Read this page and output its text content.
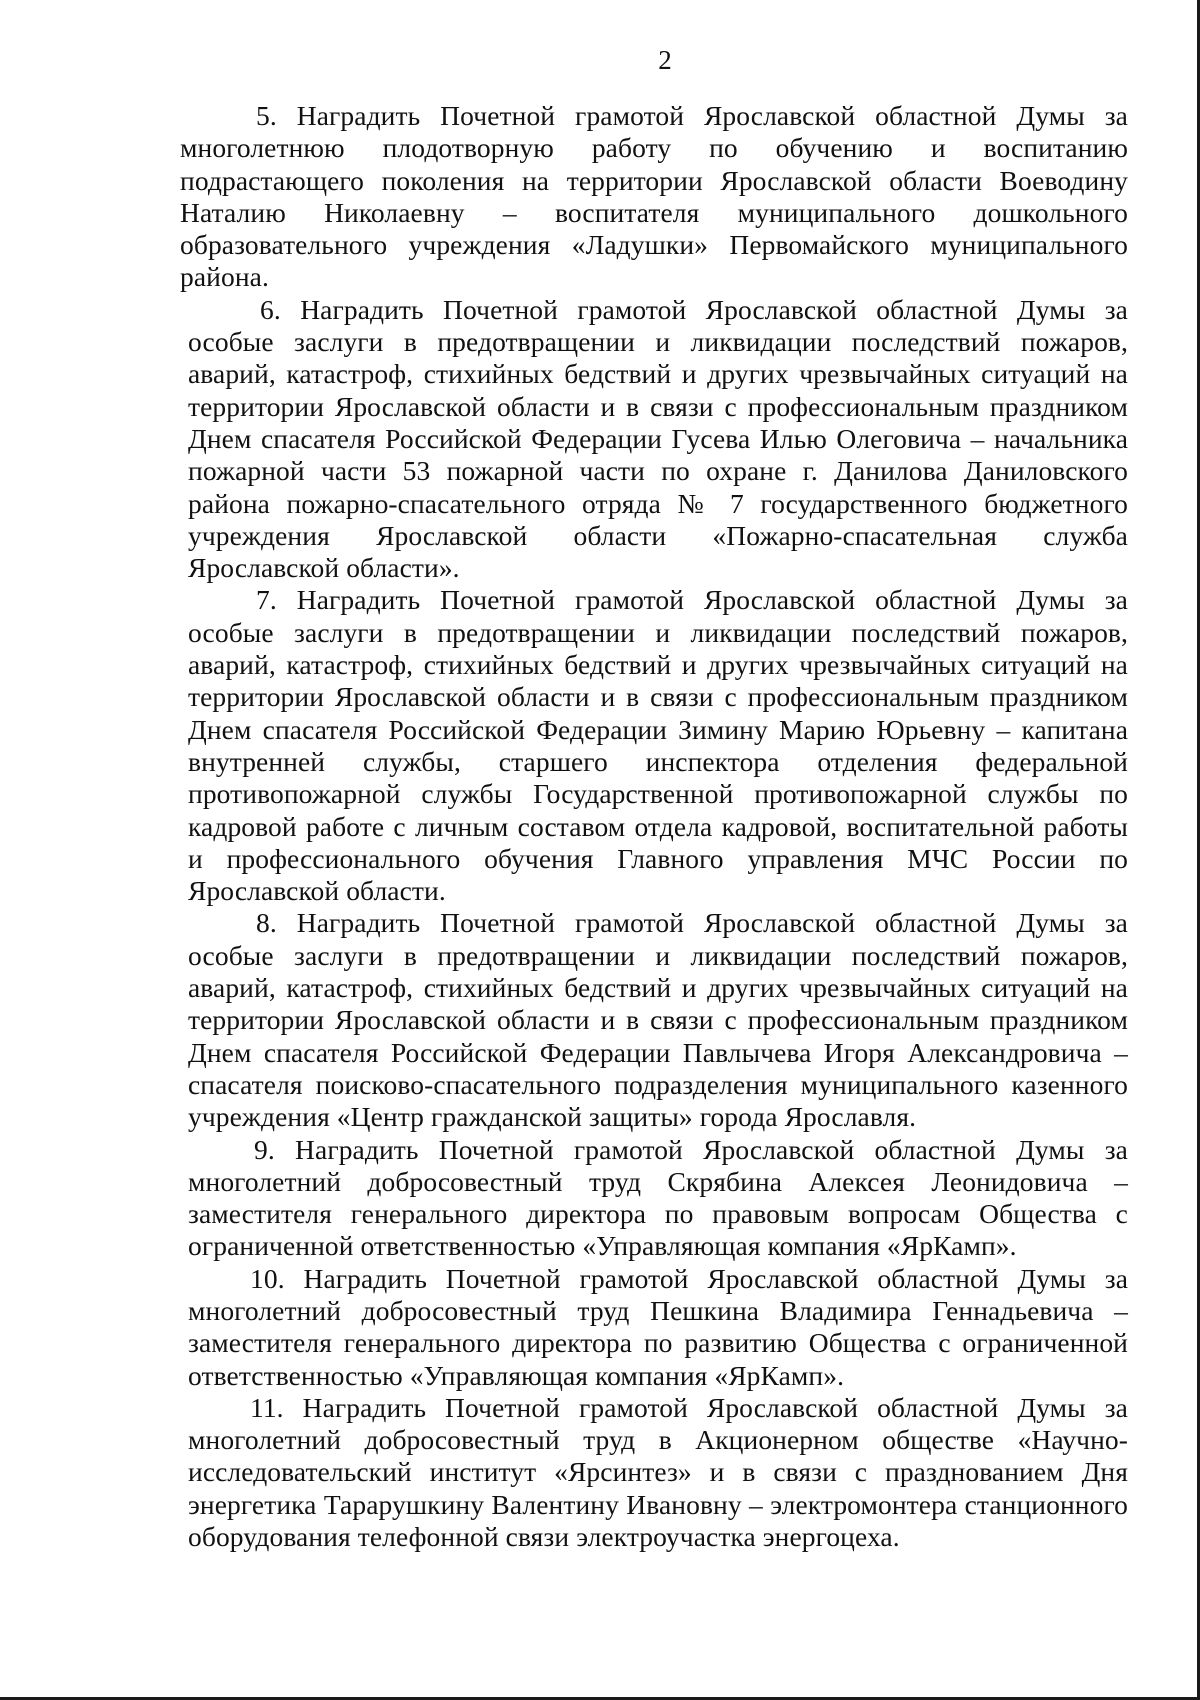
2

5. Наградить Почетной грамотой Ярославской областной Думы за многолетнюю плодотворную работу по обучению и воспитанию подрастающего поколения на территории Ярославской области Воеводину Наталию Николаевну – воспитателя муниципального дошкольного образовательного учреждения «Ладушки» Первомайского муниципального района.

6. Наградить Почетной грамотой Ярославской областной Думы за особые заслуги в предотвращении и ликвидации последствий пожаров, аварий, катастроф, стихийных бедствий и других чрезвычайных ситуаций на территории Ярославской области и в связи с профессиональным праздником Днем спасателя Российской Федерации Гусева Илью Олеговича – начальника пожарной части 53 пожарной части по охране г. Данилова Даниловского района пожарно-спасательного отряда № 7 государственного бюджетного учреждения Ярославской области «Пожарно-спасательная служба Ярославской области».

7. Наградить Почетной грамотой Ярославской областной Думы за особые заслуги в предотвращении и ликвидации последствий пожаров, аварий, катастроф, стихийных бедствий и других чрезвычайных ситуаций на территории Ярославской области и в связи с профессиональным праздником Днем спасателя Российской Федерации Зимину Марию Юрьевну – капитана внутренней службы, старшего инспектора отделения федеральной противопожарной службы Государственной противопожарной службы по кадровой работе с личным составом отдела кадровой, воспитательной работы и профессионального обучения Главного управления МЧС России по Ярославской области.

8. Наградить Почетной грамотой Ярославской областной Думы за особые заслуги в предотвращении и ликвидации последствий пожаров, аварий, катастроф, стихийных бедствий и других чрезвычайных ситуаций на территории Ярославской области и в связи с профессиональным праздником Днем спасателя Российской Федерации Павлычева Игоря Александровича – спасателя поисково-спасательного подразделения муниципального казенного учреждения «Центр гражданской защиты» города Ярославля.

9. Наградить Почетной грамотой Ярославской областной Думы за многолетний добросовестный труд Скрябина Алексея Леонидовича – заместителя генерального директора по правовым вопросам Общества с ограниченной ответственностью «Управляющая компания «ЯрКамп».

10. Наградить Почетной грамотой Ярославской областной Думы за многолетний добросовестный труд Пешкина Владимира Геннадьевича – заместителя генерального директора по развитию Общества с ограниченной ответственностью «Управляющая компания «ЯрКамп».

11. Наградить Почетной грамотой Ярославской областной Думы за многолетний добросовестный труд в Акционерном обществе «Научно-исследовательский институт «Ярсинтез» и в связи с празднованием Дня энергетика Тарарушкину Валентину Ивановну – электромонтера станционного оборудования телефонной связи электроучастка энергоцеха.
